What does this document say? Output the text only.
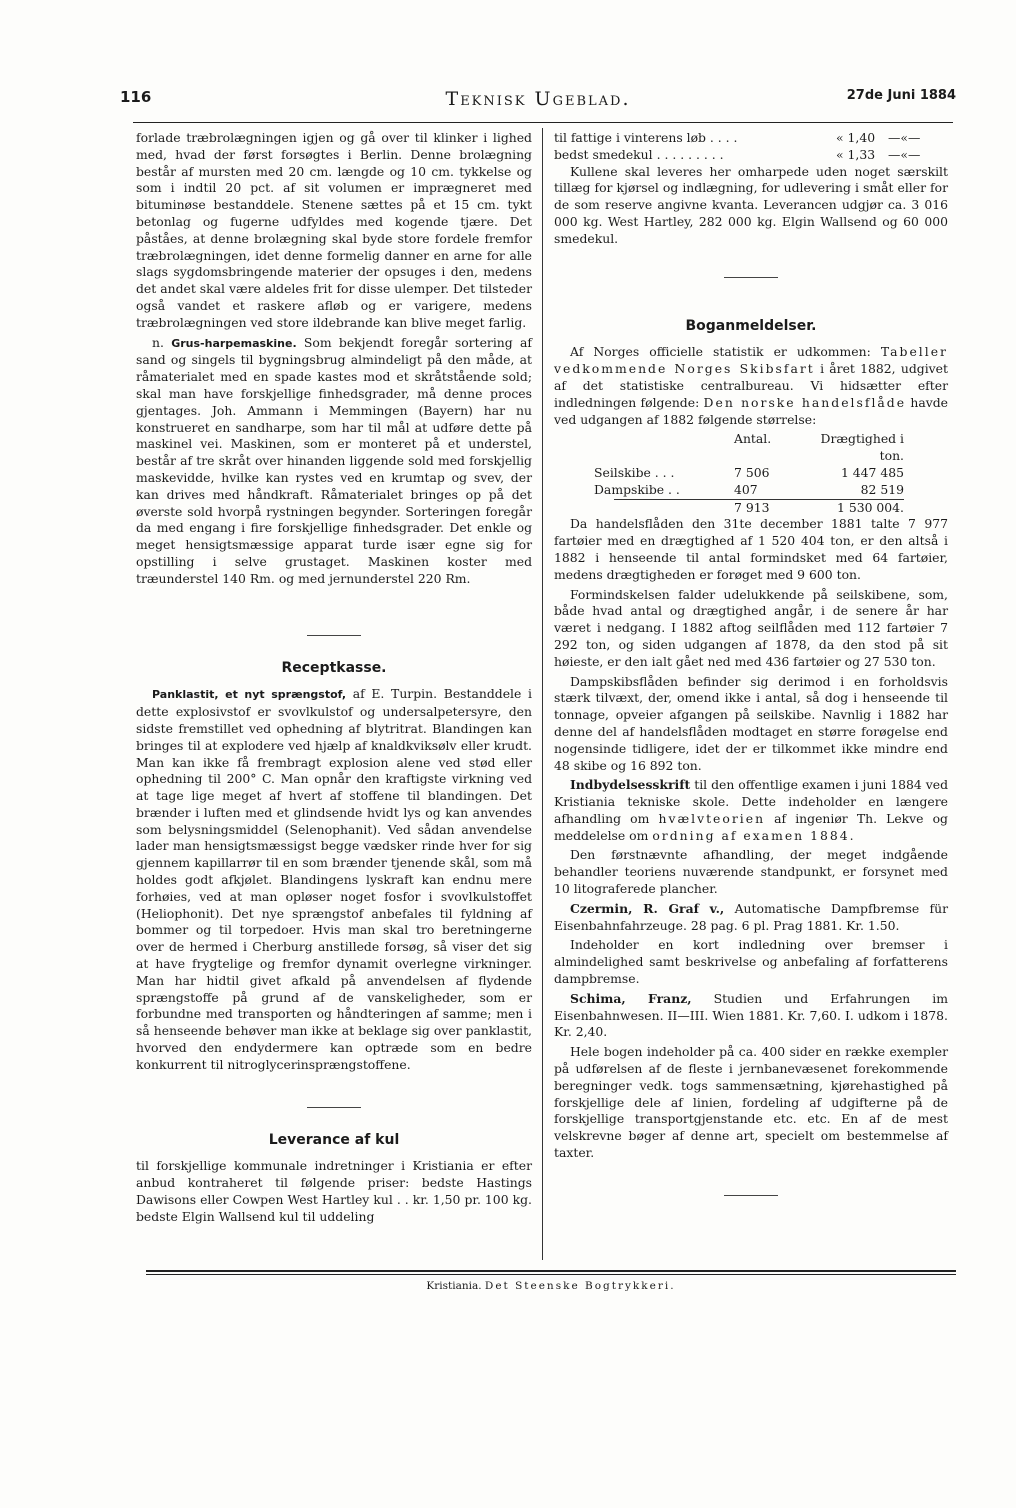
116	Teknisk Ugeblad.	27de Juni 1884

forlade træbrolægningen igjen og gå over til klinker i lighed med, hvad der først forsøgtes i Berlin. Denne brolægning består af mursten med 20 cm. længde og 10 cm. tykkelse og som i indtil 20 pct. af sit volumen er imprægneret med bituminøse bestanddele. Stenene sættes på et 15 cm. tykt betonlag og fugerne udfyldes med kogende tjære. Det påståes, at denne brolægning skal byde store fordele fremfor træbrolægningen, idet denne formelig danner en arne for alle slags sygdomsbringende materier der opsuges i den, medens det andet skal være aldeles frit for disse ulemper. Det tilsteder også vandet et raskere afløb og er varigere, medens træbrolægningen ved store ildebrande kan blive meget farlig.

n. Grus-harpemaskine. Som bekjendt foregår sortering af sand og singels til bygningsbrug almindeligt på den måde, at råmaterialet med en spade kastes mod et skråtstående sold; skal man have forskjellige finhedsgrader, må denne proces gjentages. Joh. Ammann i Memmingen (Bayern) har nu konstrueret en sandharpe, som har til mål at udføre dette på maskinel vei. Maskinen, som er monteret på et understel, består af tre skråt over hinanden liggende sold med forskjellig maskevidde, hvilke kan rystes ved en krumtap og svev, der kan drives med håndkraft. Råmaterialet bringes op på det øverste sold hvorpå rystningen begynder. Sorteringen foregår da med engang i fire forskjellige finhedsgrader. Det enkle og meget hensigtsmæssige apparat turde især egne sig for opstilling i selve grustaget. Maskinen koster med træunderstel 140 Rm. og med jernunderstel 220 Rm.

Receptkasse.

Panklastit, et nyt sprængstof, af E. Turpin. Bestanddele i dette explosivstof er svovlkulstof og undersalpetersyre, den sidste fremstillet ved ophedning af blytritrat. Blandingen kan bringes til at explodere ved hjælp af knaldkviksølv eller krudt. Man kan ikke få frembragt explosion alene ved stød eller ophedning til 200° C. Man opnår den kraftigste virkning ved at tage lige meget af hvert af stoffene til blandingen. Det brænder i luften med et glindsende hvidt lys og kan anvendes som belysningsmiddel (Selenophanit). Ved sådan anvendelse lader man hensigtsmæssigst begge vædsker rinde hver for sig gjennem kapillarrør til en som brænder tjenende skål, som må holdes godt afkjølet. Blandingens lyskraft kan endnu mere forhøies, ved at man opløser noget fosfor i svovlkulstoffet (Heliophonit). Det nye sprængstof anbefales til fyldning af bommer og til torpedoer. Hvis man skal tro beretningerne over de hermed i Cherburg anstillede forsøg, så viser det sig at have frygtelige og fremfor dynamit overlegne virkninger. Man har hidtil givet afkald på anvendelsen af flydende sprængstoffe på grund af de vanskeligheder, som er forbundne med transporten og håndteringen af samme; men i så henseende behøver man ikke at beklage sig over panklastit, hvorved den endydermere kan optræde som en bedre konkurrent til nitroglycerinsprængstoffene.

Leverance af kul

til forskjellige kommunale indretninger i Kristiania er efter anbud kontraheret til følgende priser: bedste Hastings Dawisons eller Cowpen West Hartley kul . . kr. 1,50 pr. 100 kg. bedste Elgin Wallsend kul til uddeling

til fattige i vinterens løb . . . .	« 1,40	—«—
bedst smedekul . . . . . . . . .	« 1,33	—«—

Kullene skal leveres her omharpede uden noget særskilt tillæg for kjørsel og indlægning, for udlevering i småt eller for de som reserve angivne kvanta. Leverancen udgjør ca. 3 016 000 kg. West Hartley, 282 000 kg. Elgin Wallsend og 60 000 smedekul.

Boganmeldelser.

Af Norges officielle statistik er udkommen: Tabeller vedkommende Norges Skibsfart i året 1882, udgivet af det statistiske centralbureau. Vi hidsætter efter indledningen følgende: Den norske handelsflåde havde ved udgangen af 1882 følgende størrelse:

Antal.	Drægtighed i ton.
Seilskibe . . .	7 506	1 447 485
Dampskibe . .	407	82 519
7 913	1 530 004.

Da handelsflåden den 31te december 1881 talte 7 977 fartøier med en drægtighed af 1 520 404 ton, er den altså i 1882 i henseende til antal formindsket med 64 fartøier, medens drægtigheden er forøget med 9 600 ton.

Formindskelsen falder udelukkende på seilskibene, som, både hvad antal og drægtighed angår, i de senere år har været i nedgang. I 1882 aftog seilflåden med 112 fartøier 7 292 ton, og siden udgangen af 1878, da den stod på sit høieste, er den ialt gået ned med 436 fartøier og 27 530 ton.

Dampskibsflåden befinder sig derimod i en forholdsvis stærk tilvæxt, der, omend ikke i antal, så dog i henseende til tonnage, opveier afgangen på seilskibe. Navnlig i 1882 har denne del af handelsflåden modtaget en større forøgelse end nogensinde tidligere, idet der er tilkommet ikke mindre end 48 skibe og 16 892 ton.

Indbydelsesskrift til den offentlige examen i juni 1884 ved Kristiania tekniske skole. Dette indeholder en længere afhandling om hvælvteorien af ingeniør Th. Lekve og meddelelse om ordning af examen 1884.

Den førstnævnte afhandling, der meget indgående behandler teoriens nuværende standpunkt, er forsynet med 10 litograferede plancher.

Czermin, R. Graf v., Automatische Dampfbremse für Eisenbahnfahrzeuge. 28 pag. 6 pl. Prag 1881. Kr. 1.50.

Indeholder en kort indledning over bremser i almindelighed samt beskrivelse og anbefaling af forfatterens dampbremse.

Schima, Franz, Studien und Erfahrungen im Eisenbahnwesen. II—III. Wien 1881. Kr. 7,60. I. udkom i 1878. Kr. 2,40.

Hele bogen indeholder på ca. 400 sider en række exempler på udførelsen af de fleste i jernbanevæsenet forekommende beregninger vedk. togs sammensætning, kjørehastighed på forskjellige dele af linien, fordeling af udgifterne på de forskjellige transportgjenstande etc. etc. En af de mest velskrevne bøger af denne art, specielt om bestemmelse af taxter.

Kristiania. Det Steenske Bogtrykkeri.
